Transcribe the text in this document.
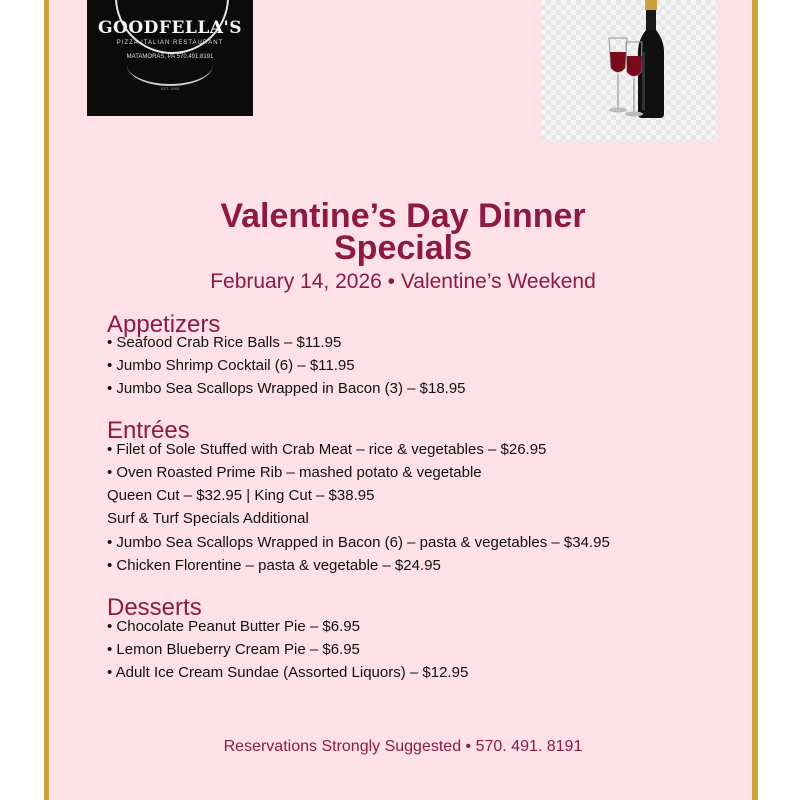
GOODFELLA'S
PIZZA ITALIAN RESTAURANT
MATAMORAS, PA 570.491.8191
EST. 1993
Valentine’s Day Dinner
Specials
February 14, 2026 • Valentine’s Weekend
Appetizers
• Seafood Crab Rice Balls – $11.95
• Jumbo Shrimp Cocktail (6) – $11.95
• Jumbo Sea Scallops Wrapped in Bacon (3) – $18.95
Entrées
• Filet of Sole Stuffed with Crab Meat – rice & vegetables – $26.95
• Oven Roasted Prime Rib – mashed potato & vegetable
Queen Cut – $32.95 | King Cut – $38.95
Surf & Turf Specials Additional
• Jumbo Sea Scallops Wrapped in Bacon (6) – pasta & vegetables – $34.95
• Chicken Florentine – pasta & vegetable – $24.95
Desserts
• Chocolate Peanut Butter Pie – $6.95
• Lemon Blueberry Cream Pie – $6.95
• Adult Ice Cream Sundae (Assorted Liquors) – $12.95
Reservations Strongly Suggested • 570. 491. 8191
